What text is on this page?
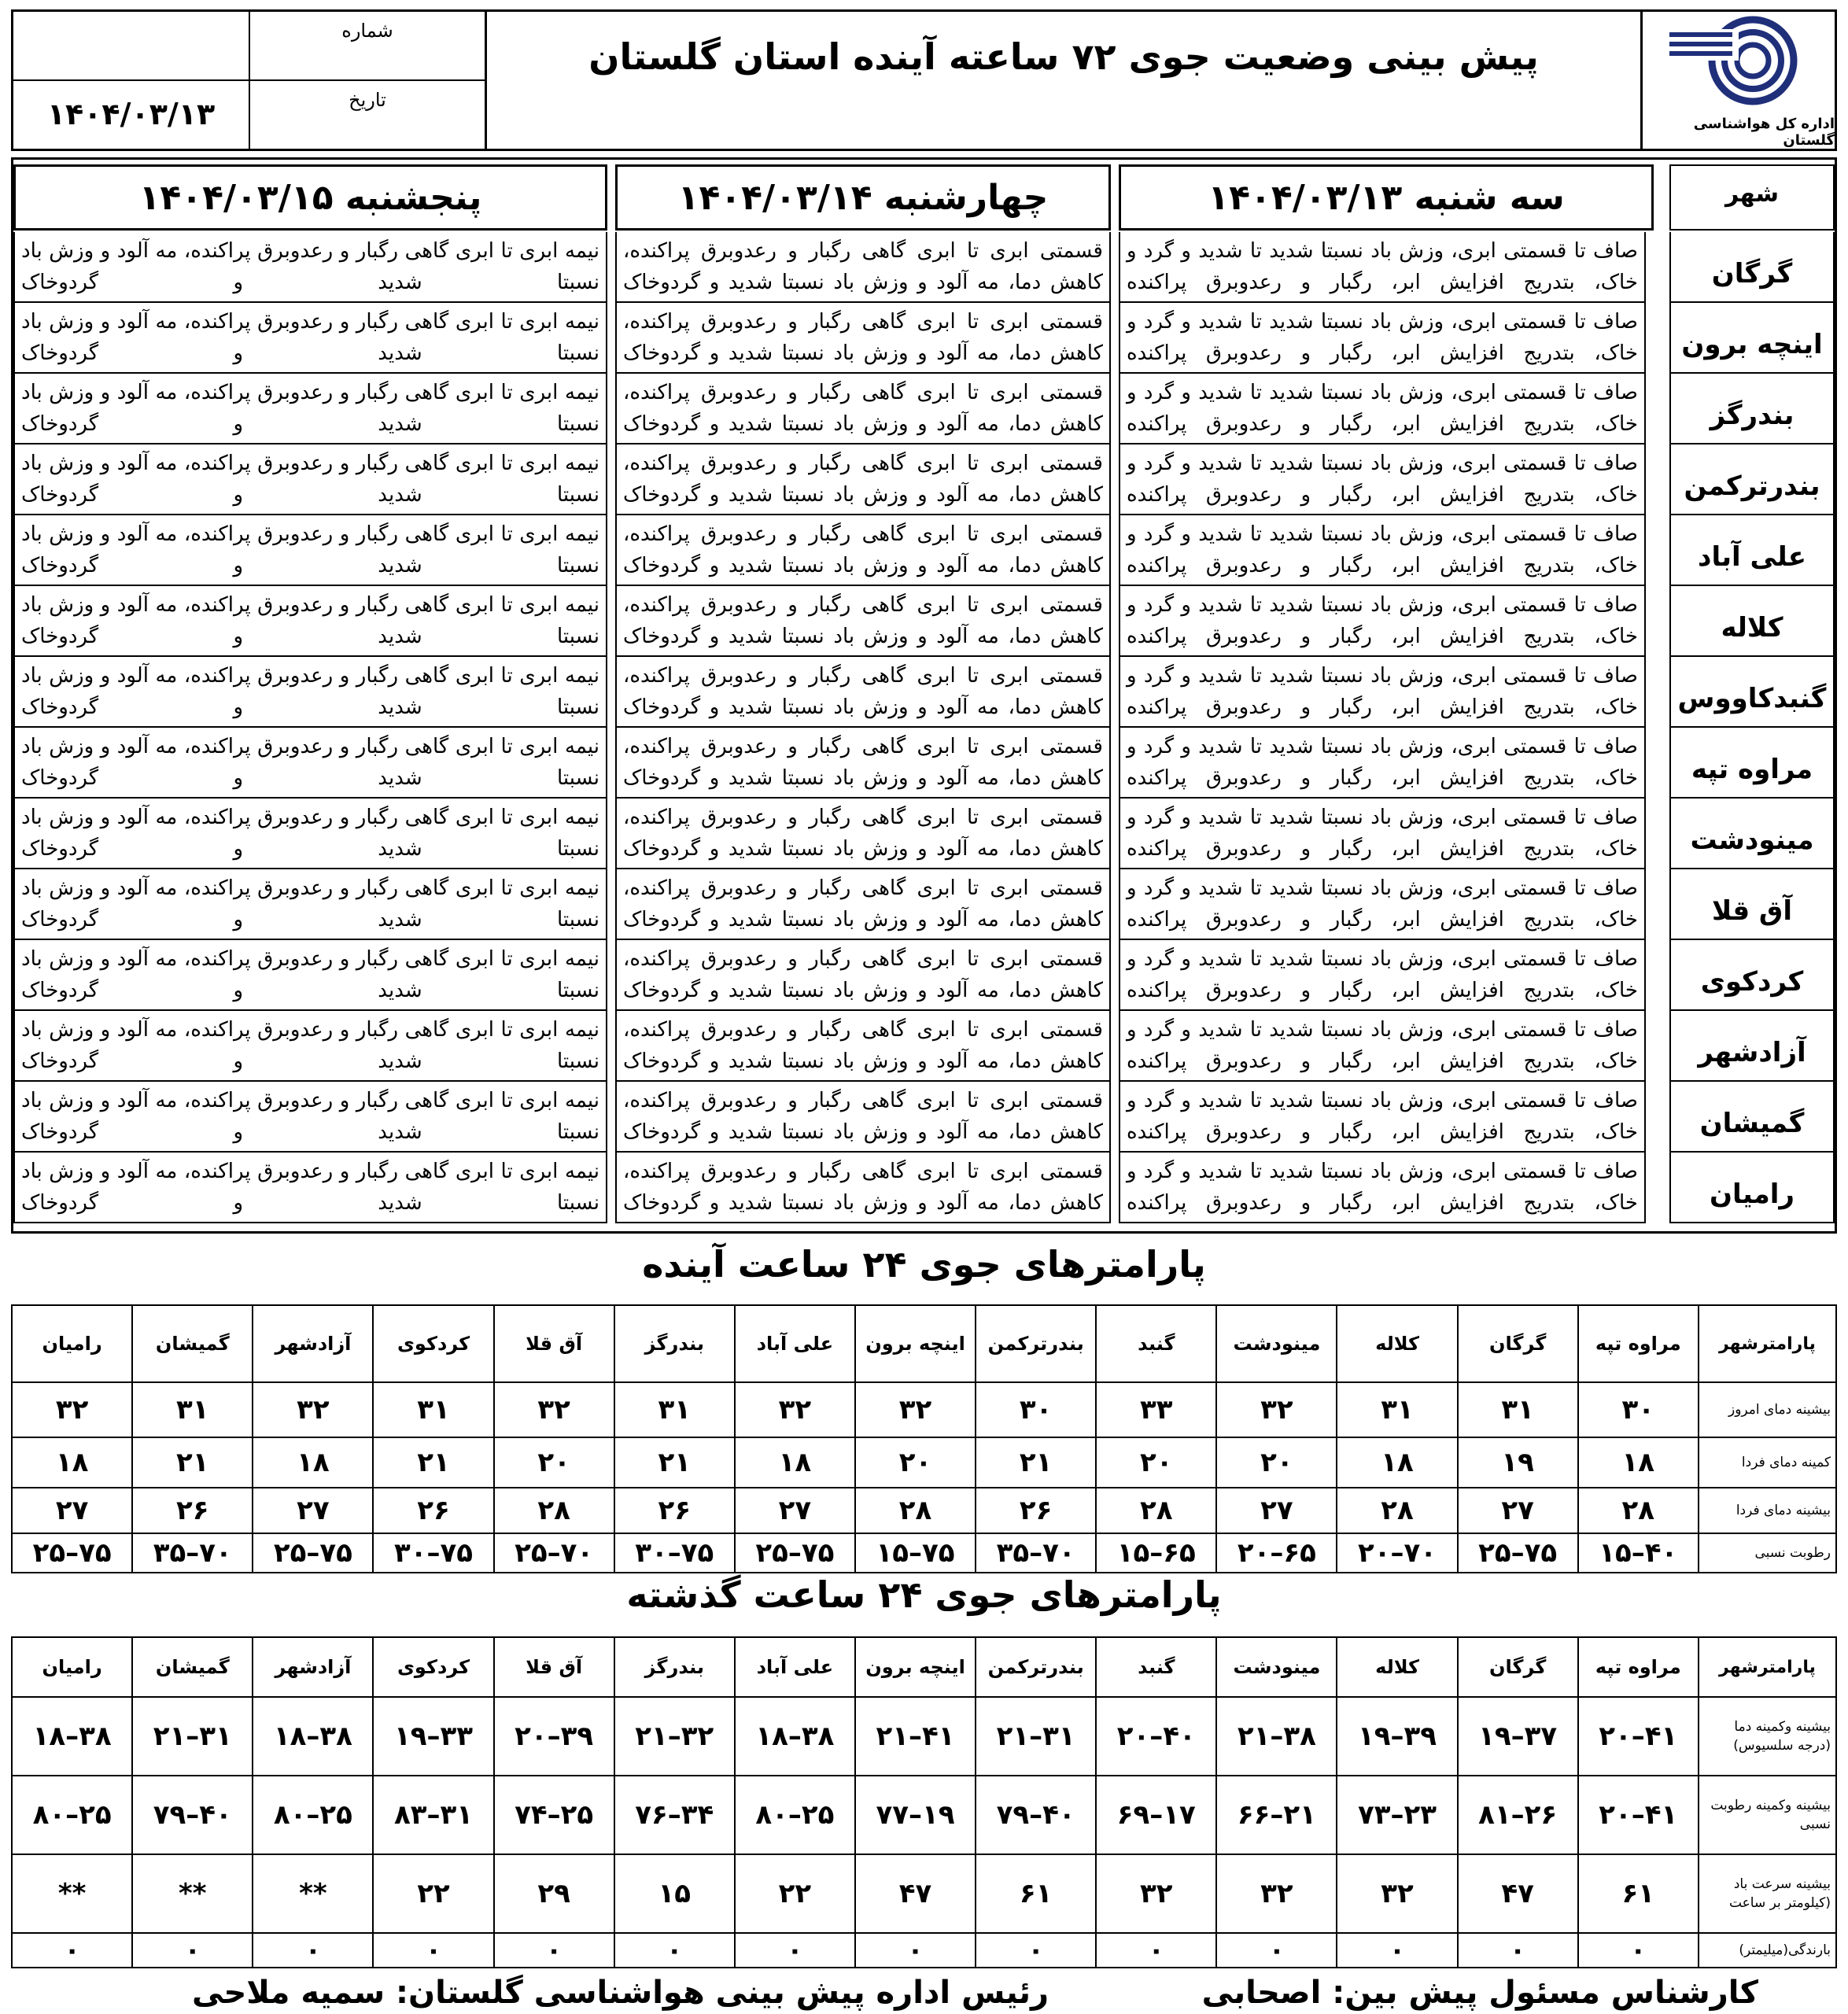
اداره کل هواشناسی گلستان
پیش بینی وضعیت جوی ۷۲ ساعته آینده استان گلستان
شماره
تاریخ
۱۴۰۴/۰۳/۱۳
شهر
سه شنبه ۱۴۰۴/۰۳/۱۳
چهارشنبه ۱۴۰۴/۰۳/۱۴
پنجشنبه ۱۴۰۴/۰۳/۱۵
گرگان
صاف تا قسمتی ابری، وزش باد نسبتا شدید تا شدید و گرد و خاک، بتدریج افزایش ابر، رگبار و رعدوبرق پراکنده
قسمتی ابری تا ابری گاهی رگبار و رعدوبرق پراکنده، کاهش دما، مه آلود و وزش باد نسبتا شدید و گردوخاک
نیمه ابری تا ابری گاهی رگبار و رعدوبرق پراکنده، مه آلود و وزش باد نسبتا شدید و گردوخاک
اینچه برون
صاف تا قسمتی ابری، وزش باد نسبتا شدید تا شدید و گرد و خاک، بتدریج افزایش ابر، رگبار و رعدوبرق پراکنده
قسمتی ابری تا ابری گاهی رگبار و رعدوبرق پراکنده، کاهش دما، مه آلود و وزش باد نسبتا شدید و گردوخاک
نیمه ابری تا ابری گاهی رگبار و رعدوبرق پراکنده، مه آلود و وزش باد نسبتا شدید و گردوخاک
بندرگز
صاف تا قسمتی ابری، وزش باد نسبتا شدید تا شدید و گرد و خاک، بتدریج افزایش ابر، رگبار و رعدوبرق پراکنده
قسمتی ابری تا ابری گاهی رگبار و رعدوبرق پراکنده، کاهش دما، مه آلود و وزش باد نسبتا شدید و گردوخاک
نیمه ابری تا ابری گاهی رگبار و رعدوبرق پراکنده، مه آلود و وزش باد نسبتا شدید و گردوخاک
بندرترکمن
صاف تا قسمتی ابری، وزش باد نسبتا شدید تا شدید و گرد و خاک، بتدریج افزایش ابر، رگبار و رعدوبرق پراکنده
قسمتی ابری تا ابری گاهی رگبار و رعدوبرق پراکنده، کاهش دما، مه آلود و وزش باد نسبتا شدید و گردوخاک
نیمه ابری تا ابری گاهی رگبار و رعدوبرق پراکنده، مه آلود و وزش باد نسبتا شدید و گردوخاک
علی آباد
صاف تا قسمتی ابری، وزش باد نسبتا شدید تا شدید و گرد و خاک، بتدریج افزایش ابر، رگبار و رعدوبرق پراکنده
قسمتی ابری تا ابری گاهی رگبار و رعدوبرق پراکنده، کاهش دما، مه آلود و وزش باد نسبتا شدید و گردوخاک
نیمه ابری تا ابری گاهی رگبار و رعدوبرق پراکنده، مه آلود و وزش باد نسبتا شدید و گردوخاک
کلاله
صاف تا قسمتی ابری، وزش باد نسبتا شدید تا شدید و گرد و خاک، بتدریج افزایش ابر، رگبار و رعدوبرق پراکنده
قسمتی ابری تا ابری گاهی رگبار و رعدوبرق پراکنده، کاهش دما، مه آلود و وزش باد نسبتا شدید و گردوخاک
نیمه ابری تا ابری گاهی رگبار و رعدوبرق پراکنده، مه آلود و وزش باد نسبتا شدید و گردوخاک
گنبدکاووس
صاف تا قسمتی ابری، وزش باد نسبتا شدید تا شدید و گرد و خاک، بتدریج افزایش ابر، رگبار و رعدوبرق پراکنده
قسمتی ابری تا ابری گاهی رگبار و رعدوبرق پراکنده، کاهش دما، مه آلود و وزش باد نسبتا شدید و گردوخاک
نیمه ابری تا ابری گاهی رگبار و رعدوبرق پراکنده، مه آلود و وزش باد نسبتا شدید و گردوخاک
مراوه تپه
صاف تا قسمتی ابری، وزش باد نسبتا شدید تا شدید و گرد و خاک، بتدریج افزایش ابر، رگبار و رعدوبرق پراکنده
قسمتی ابری تا ابری گاهی رگبار و رعدوبرق پراکنده، کاهش دما، مه آلود و وزش باد نسبتا شدید و گردوخاک
نیمه ابری تا ابری گاهی رگبار و رعدوبرق پراکنده، مه آلود و وزش باد نسبتا شدید و گردوخاک
مینودشت
صاف تا قسمتی ابری، وزش باد نسبتا شدید تا شدید و گرد و خاک، بتدریج افزایش ابر، رگبار و رعدوبرق پراکنده
قسمتی ابری تا ابری گاهی رگبار و رعدوبرق پراکنده، کاهش دما، مه آلود و وزش باد نسبتا شدید و گردوخاک
نیمه ابری تا ابری گاهی رگبار و رعدوبرق پراکنده، مه آلود و وزش باد نسبتا شدید و گردوخاک
آق قلا
صاف تا قسمتی ابری، وزش باد نسبتا شدید تا شدید و گرد و خاک، بتدریج افزایش ابر، رگبار و رعدوبرق پراکنده
قسمتی ابری تا ابری گاهی رگبار و رعدوبرق پراکنده، کاهش دما، مه آلود و وزش باد نسبتا شدید و گردوخاک
نیمه ابری تا ابری گاهی رگبار و رعدوبرق پراکنده، مه آلود و وزش باد نسبتا شدید و گردوخاک
کردکوی
صاف تا قسمتی ابری، وزش باد نسبتا شدید تا شدید و گرد و خاک، بتدریج افزایش ابر، رگبار و رعدوبرق پراکنده
قسمتی ابری تا ابری گاهی رگبار و رعدوبرق پراکنده، کاهش دما، مه آلود و وزش باد نسبتا شدید و گردوخاک
نیمه ابری تا ابری گاهی رگبار و رعدوبرق پراکنده، مه آلود و وزش باد نسبتا شدید و گردوخاک
آزادشهر
صاف تا قسمتی ابری، وزش باد نسبتا شدید تا شدید و گرد و خاک، بتدریج افزایش ابر، رگبار و رعدوبرق پراکنده
قسمتی ابری تا ابری گاهی رگبار و رعدوبرق پراکنده، کاهش دما، مه آلود و وزش باد نسبتا شدید و گردوخاک
نیمه ابری تا ابری گاهی رگبار و رعدوبرق پراکنده، مه آلود و وزش باد نسبتا شدید و گردوخاک
گمیشان
صاف تا قسمتی ابری، وزش باد نسبتا شدید تا شدید و گرد و خاک، بتدریج افزایش ابر، رگبار و رعدوبرق پراکنده
قسمتی ابری تا ابری گاهی رگبار و رعدوبرق پراکنده، کاهش دما، مه آلود و وزش باد نسبتا شدید و گردوخاک
نیمه ابری تا ابری گاهی رگبار و رعدوبرق پراکنده، مه آلود و وزش باد نسبتا شدید و گردوخاک
رامیان
صاف تا قسمتی ابری، وزش باد نسبتا شدید تا شدید و گرد و خاک، بتدریج افزایش ابر، رگبار و رعدوبرق پراکنده
قسمتی ابری تا ابری گاهی رگبار و رعدوبرق پراکنده، کاهش دما، مه آلود و وزش باد نسبتا شدید و گردوخاک
نیمه ابری تا ابری گاهی رگبار و رعدوبرق پراکنده، مه آلود و وزش باد نسبتا شدید و گردوخاک
پارامترهای جوی ۲۴ ساعت آینده
پارامترشهر	مراوه تپه	گرگان	کلاله	مینودشت	گنبد	بندرترکمن	اینچه برون	علی آباد	بندرگز	آق قلا	کردکوی	آزادشهر	گمیشان	رامیان
بیشینه دمای امروز	۳۰	۳۱	۳۱	۳۲	۳۳	۳۰	۳۲	۳۲	۳۱	۳۲	۳۱	۳۲	۳۱	۳۲
کمینه دمای فردا	۱۸	۱۹	۱۸	۲۰	۲۰	۲۱	۲۰	۱۸	۲۱	۲۰	۲۱	۱۸	۲۱	۱۸
بیشینه دمای فردا	۲۸	۲۷	۲۸	۲۷	۲۸	۲۶	۲۸	۲۷	۲۶	۲۸	۲۶	۲۷	۲۶	۲۷
رطوبت نسبی	۱۵–۴۰	۲۵–۷۵	۲۰–۷۰	۲۰–۶۵	۱۵–۶۵	۳۵–۷۰	۱۵–۷۵	۲۵–۷۵	۳۰–۷۵	۲۵–۷۰	۳۰–۷۵	۲۵–۷۵	۳۵–۷۰	۲۵–۷۵
پارامترهای جوی ۲۴ ساعت گذشته
پارامترشهر	مراوه تپه	گرگان	کلاله	مینودشت	گنبد	بندرترکمن	اینچه برون	علی آباد	بندرگز	آق قلا	کردکوی	آزادشهر	گمیشان	رامیان
بیشینه وکمینه دما (درجه سلسیوس)	۲۰–۴۱	۱۹–۳۷	۱۹–۳۹	۲۱–۳۸	۲۰–۴۰	۲۱–۳۱	۲۱–۴۱	۱۸–۳۸	۲۱–۳۲	۲۰–۳۹	۱۹–۳۳	۱۸–۳۸	۲۱–۳۱	۱۸–۳۸
بیشینه وکمینه رطوبت نسبی	۲۰–۴۱	۸۱–۲۶	۷۳–۲۳	۶۶–۲۱	۶۹–۱۷	۷۹–۴۰	۷۷–۱۹	۸۰–۲۵	۷۶–۳۴	۷۴–۲۵	۸۳–۳۱	۸۰–۲۵	۷۹–۴۰	۸۰–۲۵
بیشینه سرعت باد (کیلومتر بر ساعت	۶۱	۴۷	۳۲	۳۲	۳۲	۶۱	۴۷	۲۲	۱۵	۲۹	۲۲	**	**	**
بارندگی(میلیمتر)	۰	۰	۰	۰	۰	۰	۰	۰	۰	۰	۰	۰	۰	۰
کارشناس مسئول پیش بین: اصحابی
رئیس اداره پیش بینی هواشناسی گلستان: سمیه ملاحی
